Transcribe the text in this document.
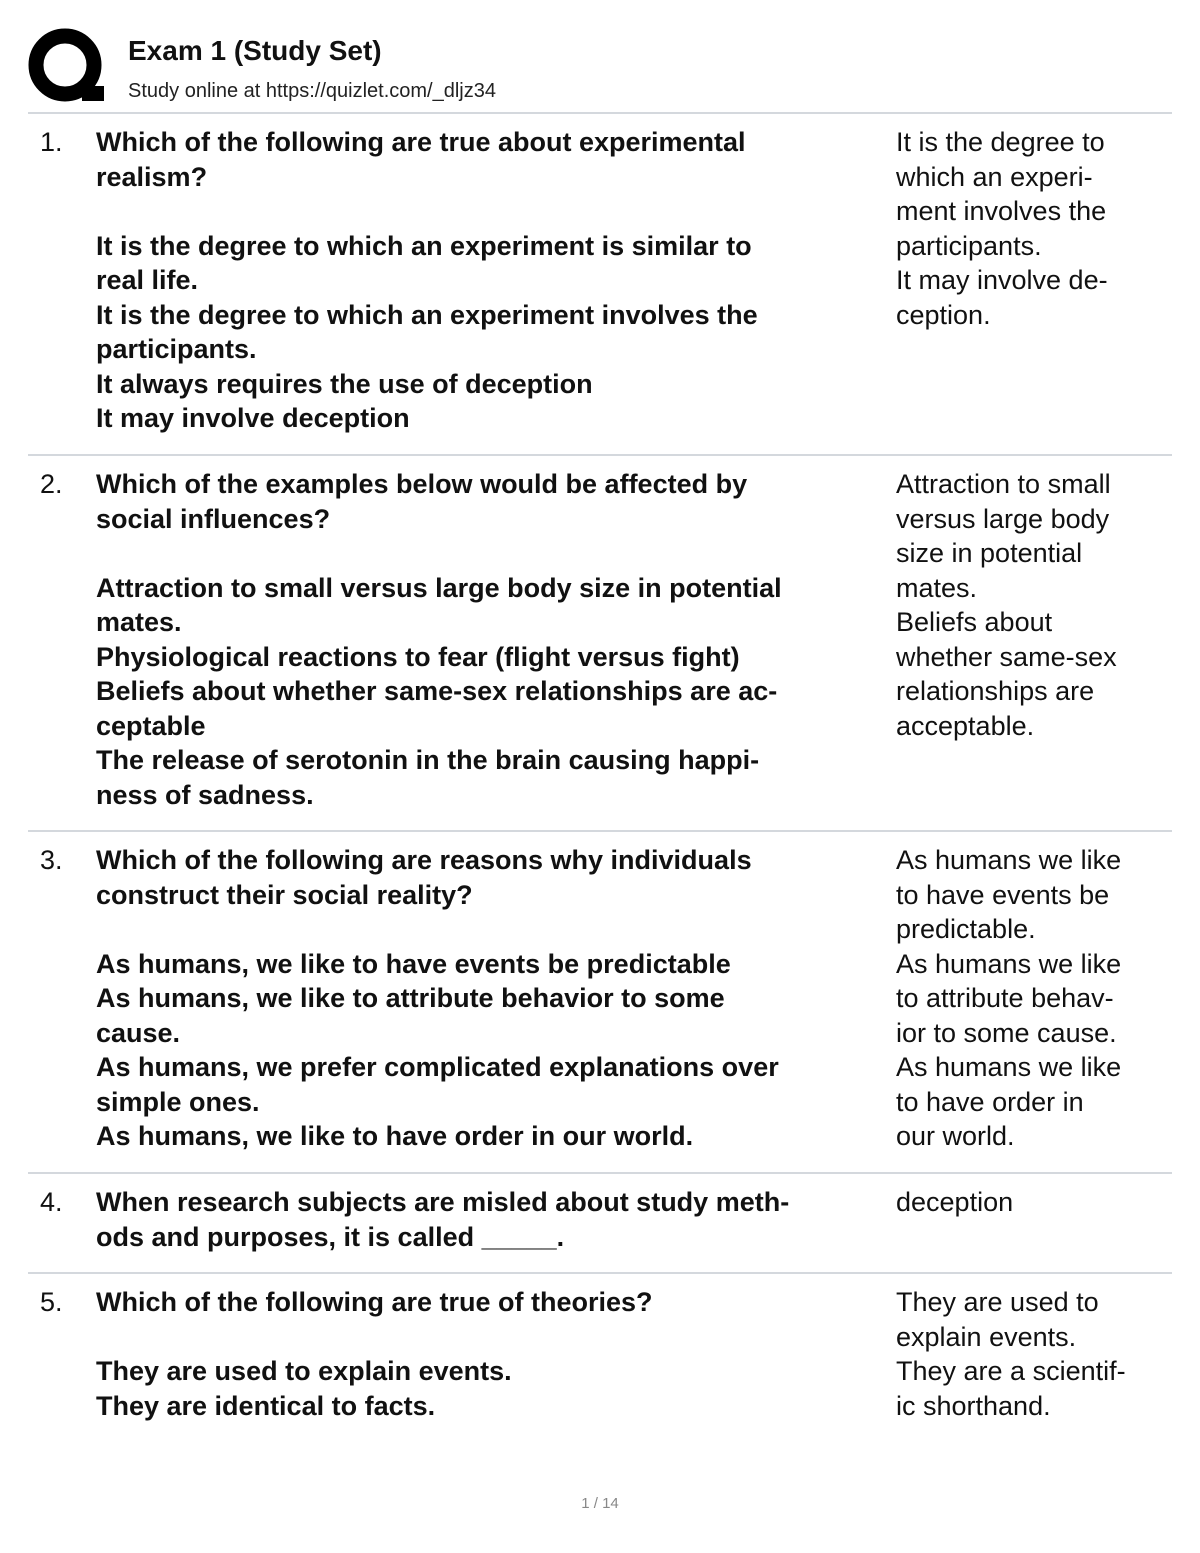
Exam 1 (Study Set)
Study online at https://quizlet.com/_dljz34
1. Which of the following are true about experimental
realism?
It is the degree to which an experiment is similar to
real life.
It is the degree to which an experiment involves the
participants.
It always requires the use of deception
It may involve deception
It is the degree to
which an experi-
ment involves the
participants.
It may involve de-
ception.
2. Which of the examples below would be affected by
social influences?
Attraction to small versus large body size in potential
mates.
Physiological reactions to fear (flight versus fight)
Beliefs about whether same-sex relationships are ac-
ceptable
The release of serotonin in the brain causing happi-
ness of sadness.
Attraction to small
versus large body
size in potential
mates.
Beliefs about
whether same-sex
relationships are
acceptable.
3. Which of the following are reasons why individuals
construct their social reality?
As humans, we like to have events be predictable
As humans, we like to attribute behavior to some
cause.
As humans, we prefer complicated explanations over
simple ones.
As humans, we like to have order in our world.
As humans we like
to have events be
predictable.
As humans we like
to attribute behav-
ior to some cause.
As humans we like
to have order in
our world.
4. When research subjects are misled about study meth-
ods and purposes, it is called _____.
deception
5. Which of the following are true of theories?
They are used to explain events.
They are identical to facts.
They are used to
explain events.
They are a scientif-
ic shorthand.
1 / 14
